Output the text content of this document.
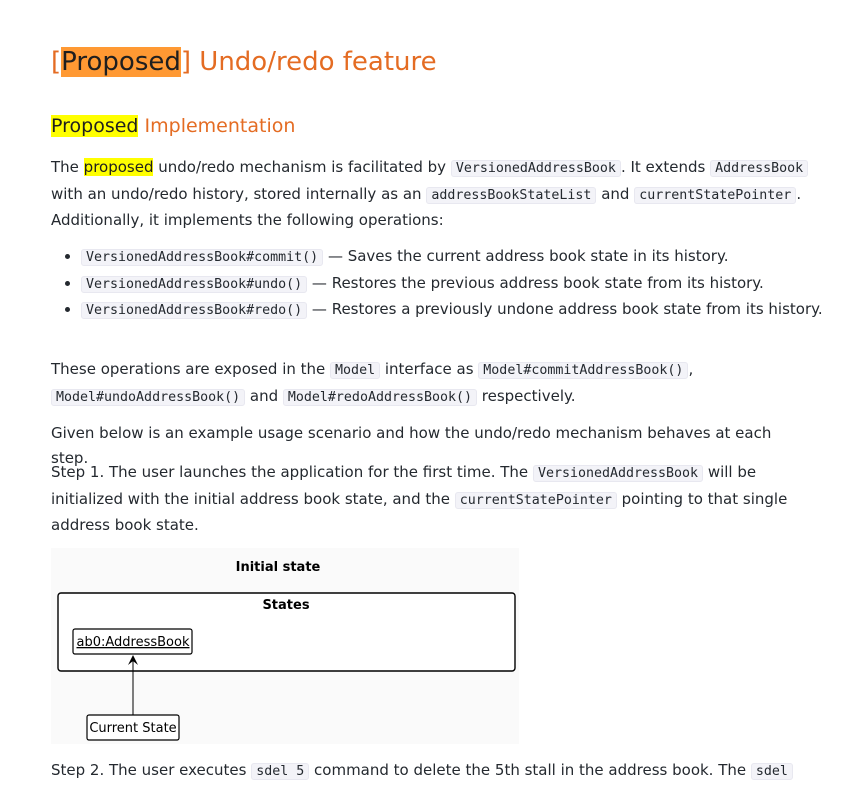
[Proposed] Undo/redo feature
Proposed Implementation

The proposed undo/redo mechanism is facilitated by VersionedAddressBook . It extends AddressBook with an undo/redo history, stored internally as an addressBookStateList and currentStatePointer . Additionally, it implements the following operations:

• VersionedAddressBook#commit() — Saves the current address book state in its history.
• VersionedAddressBook#undo() — Restores the previous address book state from its history.
• VersionedAddressBook#redo() — Restores a previously undone address book state from its history.

These operations are exposed in the Model interface as Model#commitAddressBook() , Model#undoAddressBook() and Model#redoAddressBook() respectively.

Given below is an example usage scenario and how the undo/redo mechanism behaves at each step.

Step 1. The user launches the application for the first time. The VersionedAddressBook will be initialized with the initial address book state, and the currentStatePointer pointing to that single address book state.

Initial state
States
ab0:AddressBook
Current State

Step 2. The user executes sdel 5 command to delete the 5th stall in the address book. The sdel
